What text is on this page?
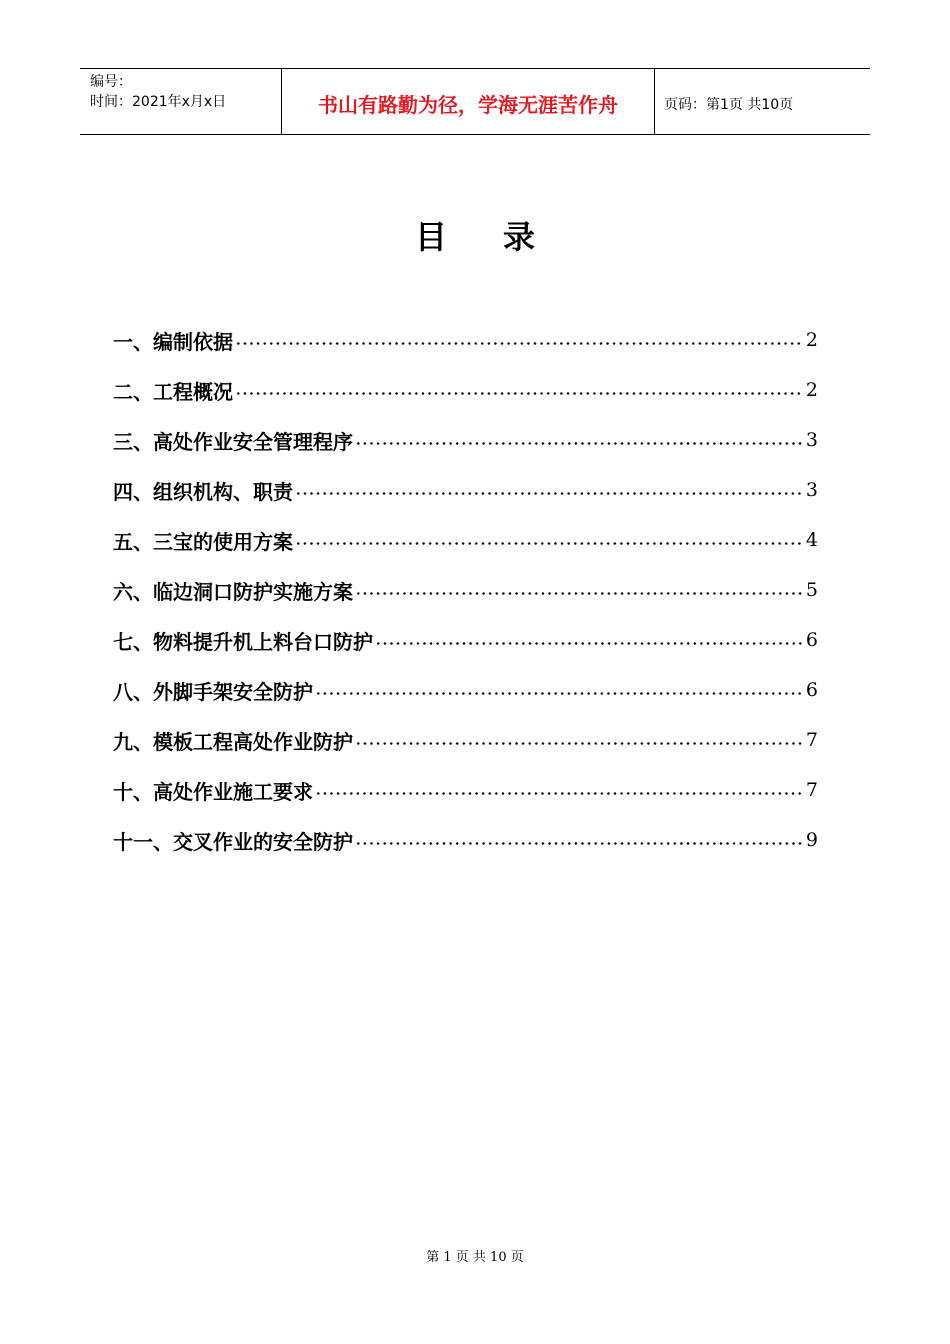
编号：
时间：2021年x月x日	书山有路勤为径，学海无涯苦作舟	页码：第1页 共10页
目录
一、编制依据	2
二、工程概况	2
三、高处作业安全管理程序	3
四、组织机构、职责	3
五、三宝的使用方案	4
六、临边洞口防护实施方案	5
七、物料提升机上料台口防护	6
八、外脚手架安全防护	6
九、模板工程高处作业防护	7
十、高处作业施工要求	7
十一、交叉作业的安全防护	9
第 1 页 共 10 页
